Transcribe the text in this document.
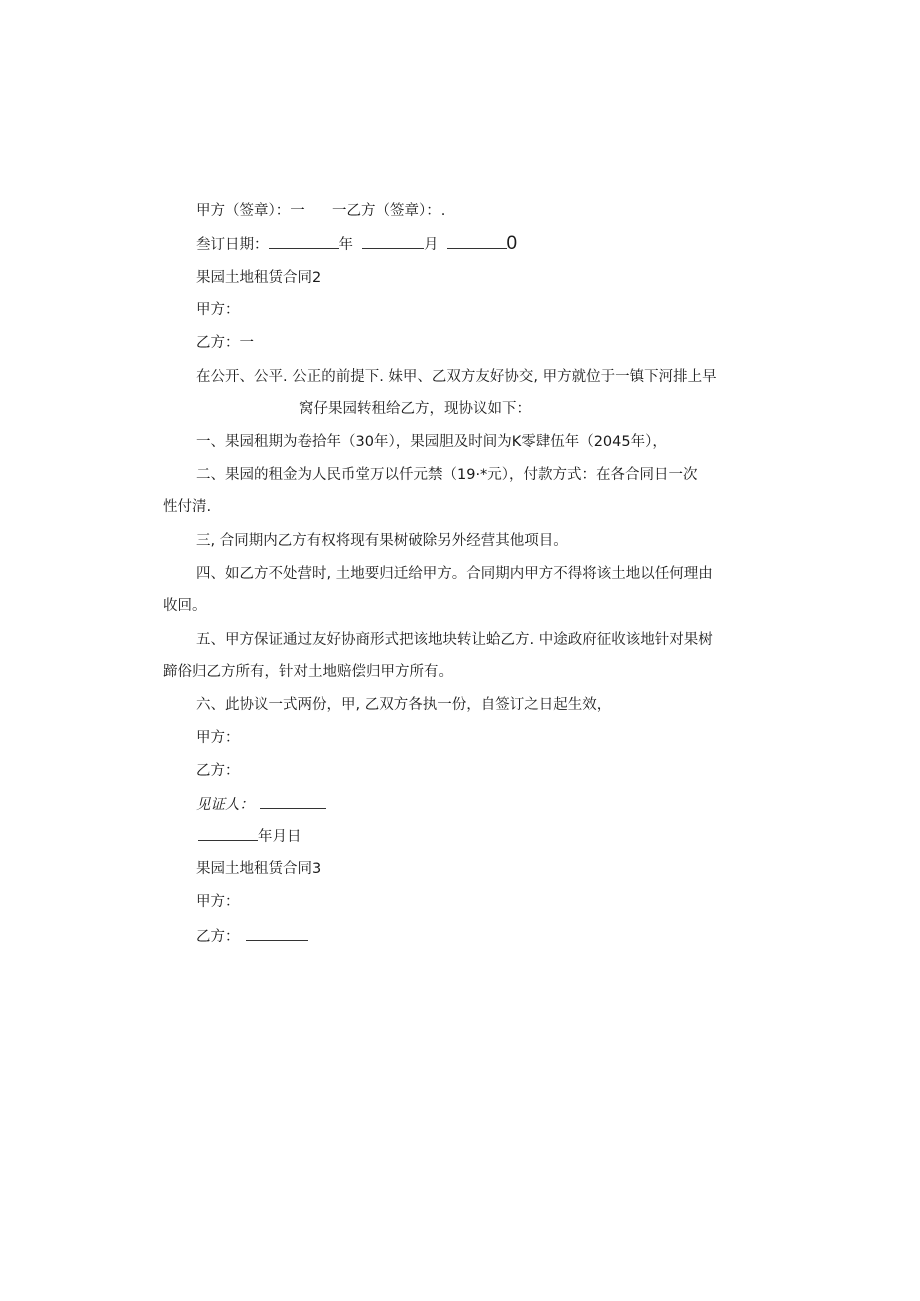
甲方（签章）：一 一乙方（签章）：.
叁订日期：	年	月	0
果园土地租赁合同2
甲方：
乙方：一
在公开、公平. 公正的前提下. 妹甲、乙双方友好协交, 甲方就位于一镇下河排上早
窝仔果园转租给乙方，现协议如下：
一、果园租期为卷拾年（30年），果园胆及时间为K零肆伍年（2045年），
二、果园的租金为人民币堂万以仟元禁（19·*元），付款方式：在各合同日一次
性付清.
三, 合同期内乙方有权将现有果树破除另外经营其他项目。
四、如乙方不处营时, 土地要归迁给甲方。合同期内甲方不得将该土地以任何理由
收回。
五、甲方保证通过友好协商形式把该地块转让蛤乙方. 中途政府征收该地针对果树
蹄俗归乙方所有，针对土地赔偿归甲方所有。
六、此协议一式两份，甲, 乙双方各执一份，自签订之日起生效，
甲方：
乙方：
见证人：
年月日
果园土地租赁合同3
甲方：
乙方：
